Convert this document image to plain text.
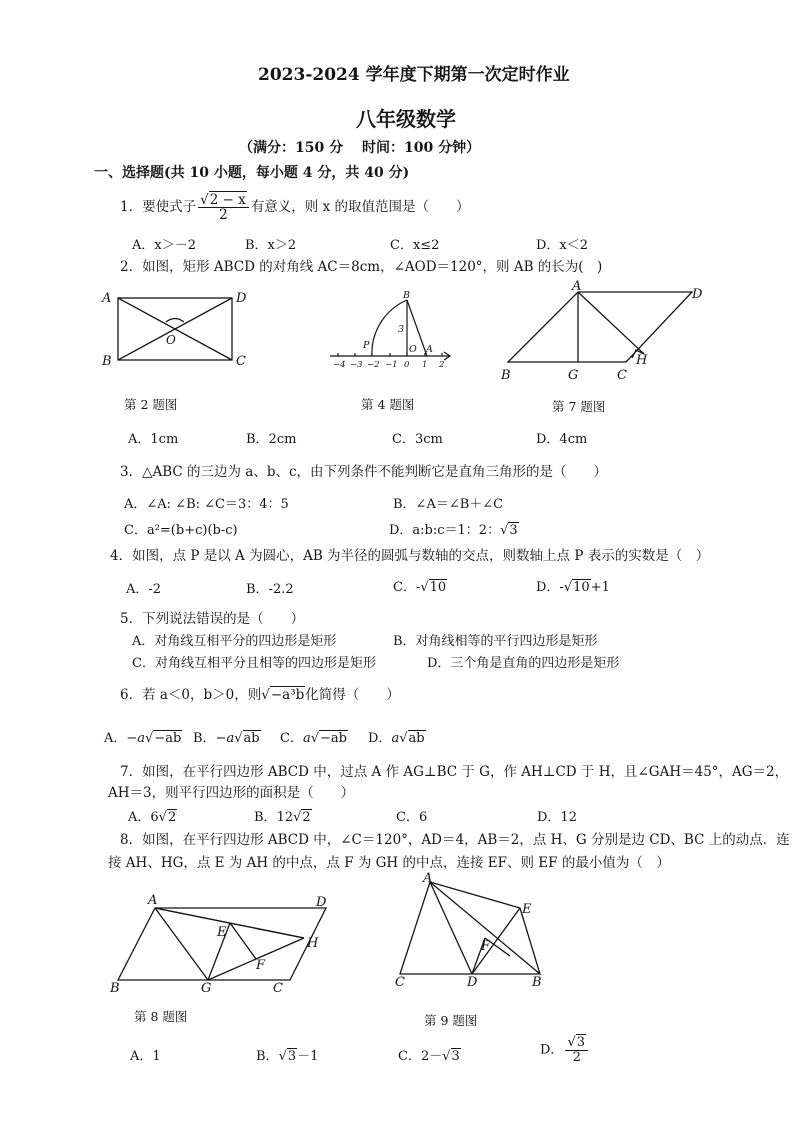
2023-2024 学年度下期第一次定时作业
八年级数学
（满分：150 分　 时间：100 分钟）
一、选择题(共 10 小题，每小题 4 分，共 40 分)
1．要使式子 $\frac{√2 - x}{2}$ 有意义，则 x 的取值范围是（　　）
A．x＞－2	B．x＞2	C．x≤2	D．x＜2
2．如图，矩形 ABCD 的对角线 AC＝8cm，∠AOD＝120°，则 AB 的长为(　)
A	D
B	C
O
B
3
P	O A
−4 −3 −2 −1 0 1 2
A
D
H
B	G	C
第 2 题图	第 4 题图	第 7 题图
A．1cm	B．2cm	C．3cm	D．4cm
3．△ABC 的三边为 a、b、c，由下列条件不能判断它是直角三角形的是（　　）
A．∠A: ∠B: ∠C＝3：4：5	B．∠A＝∠B＋∠C
C．a²=(b+c)(b-c)	D．a:b:c＝1：2：√3
4．如图，点 P 是以 A 为圆心，AB 为半径的圆弧与数轴的交点，则数轴上点 P 表示的实数是（　）
A．-2	B．-2.2	C．-√10	D．-√10+1
5．下列说法错误的是（　　）
A．对角线互相平分的四边形是矩形	B．对角线相等的平行四边形是矩形
C．对角线互相平分且相等的四边形是矩形	D．三个角是直角的四边形是矩形
6．若 a＜0，b＞0，则√−a³b化简得（　　）
A．−a√−ab B．−a√ab C．a√−ab D．a√ab
7．如图，在平行四边形 ABCD 中，过点 A 作 AG⊥BC 于 G，作 AH⊥CD 于 H，且∠GAH＝45°，AG＝2，
AH＝3，则平行四边形的面积是（　　）
A．6√2	B．12√2	C．6	D．12
8．如图，在平行四边形 ABCD 中，∠C＝120°，AD＝4，AB＝2，点 H、G 分别是边 CD、BC 上的动点．连
接 AH、HG，点 E 为 AH 的中点，点 F 为 GH 的中点，连接 EF、则 EF 的最小值为（　）
A	D
E
H
F
B	G	C
A
E
F
C	D	B
第 8 题图	第 9 题图
A．1	B．√3－1	C．2－√3	D． $\frac{√3}{2}$
